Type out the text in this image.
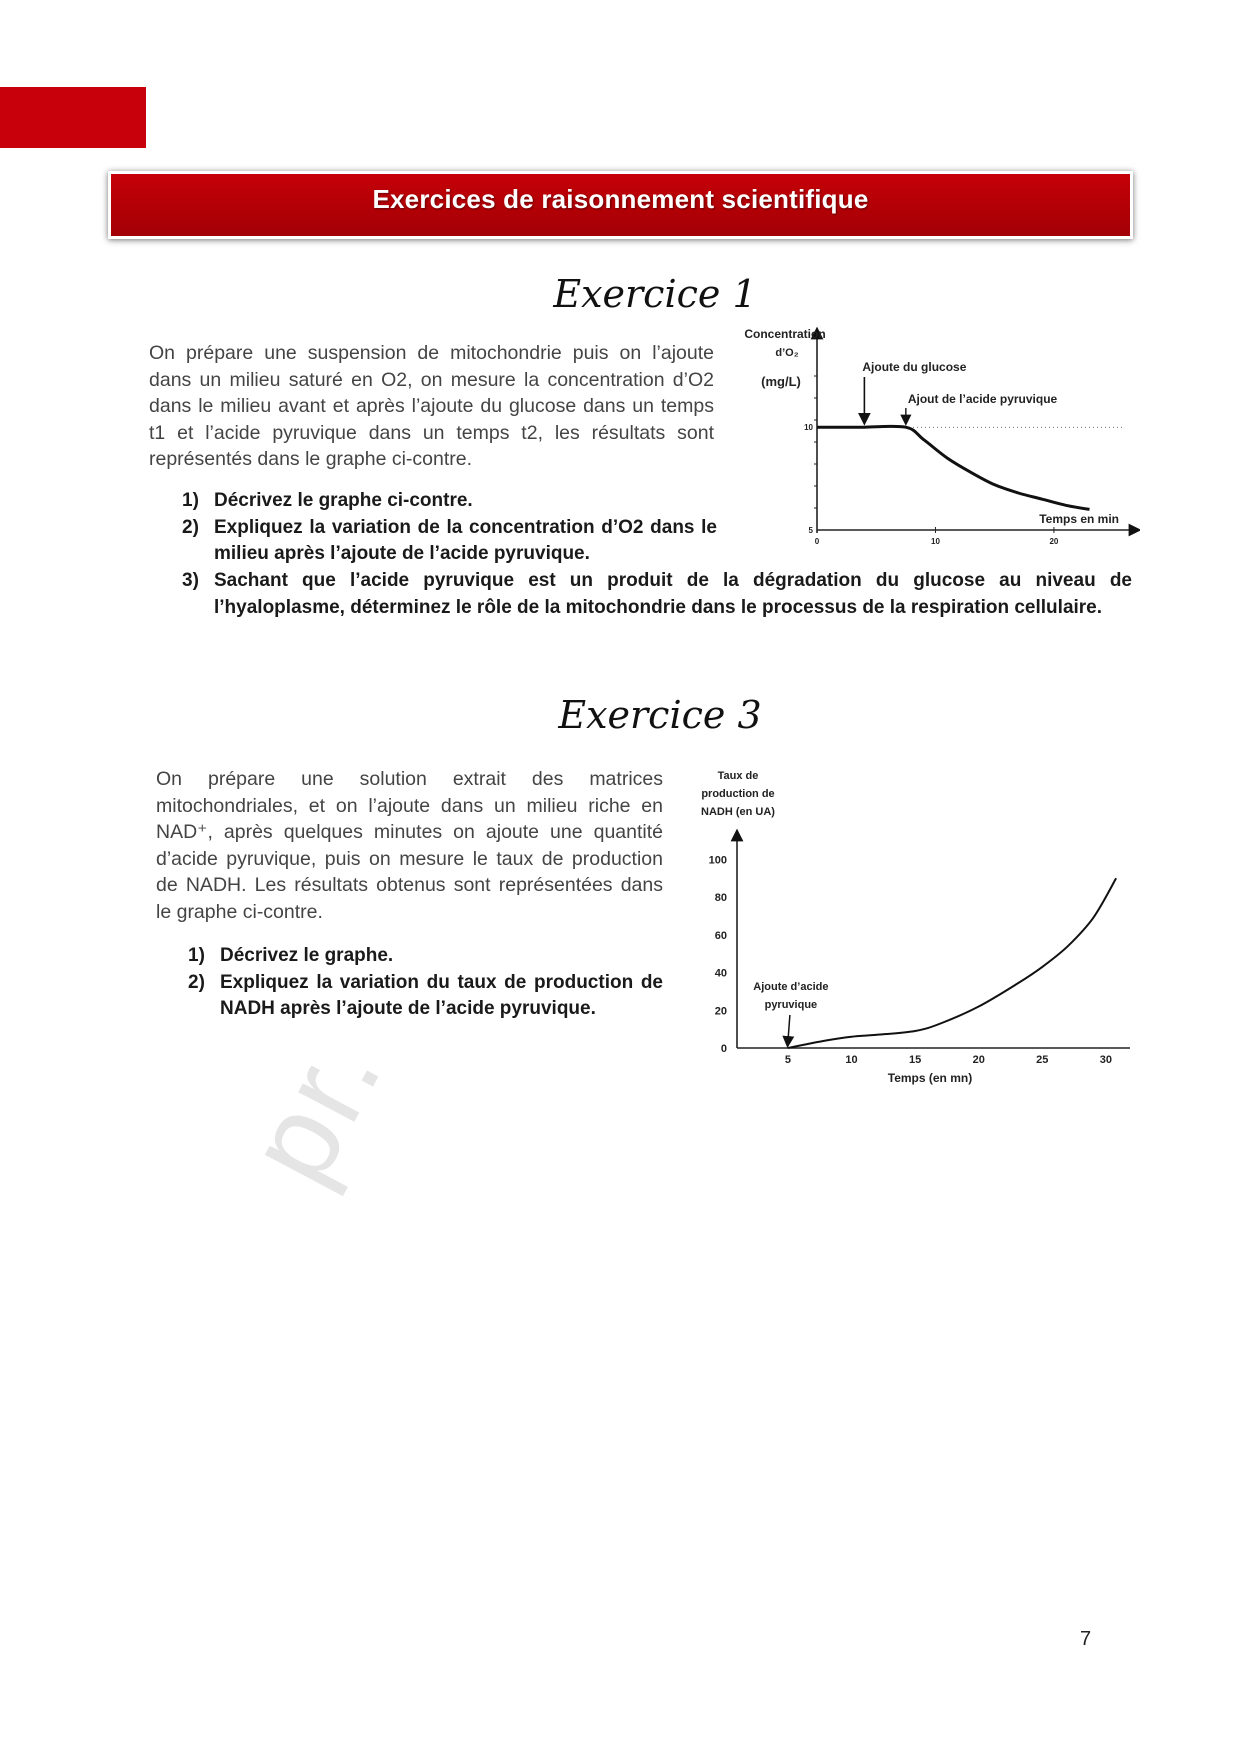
Exercices de raisonnement scientifique
Exercice 1

On prépare une suspension de mitochondrie puis on l’ajoute dans un milieu saturé en O2, on mesure la concentration d’O2 dans le milieu avant et après l’ajoute du glucose dans un temps t1 et l’acide pyruvique dans un temps t2, les résultats sont représentés dans le graphe ci-contre.

1) Décrivez le graphe ci-contre.
2) Expliquez la variation de la concentration d’O2 dans le milieu après l’ajoute de l’acide pyruvique.
3) Sachant que l’acide pyruvique est un produit de la dégradation du glucose au niveau de l’hyaloplasme, déterminez le rôle de la mitochondrie dans le processus de la respiration cellulaire.
Concentration
d’O₂
(mg/L)
Temps en min
0	10	20
5
10
Ajoute du glucose
Ajout de l’acide pyruvique
Exercice 3

On prépare une solution extrait des matrices mitochondriales, et on l’ajoute dans un milieu riche en NAD⁺, après quelques minutes on ajoute une quantité d’acide pyruvique, puis on mesure le taux de production de NADH. Les résultats obtenus sont représentées dans le graphe ci-contre.

1) Décrivez le graphe.
2) Expliquez la variation du taux de production de NADH après l’ajoute de l’acide pyruvique.
Taux de
production de
NADH (en UA)
Temps (en mn)
5	10	15	20	25	30
0
20
40
60
80
100
Ajoute d’acide
pyruvique
pr.
7
